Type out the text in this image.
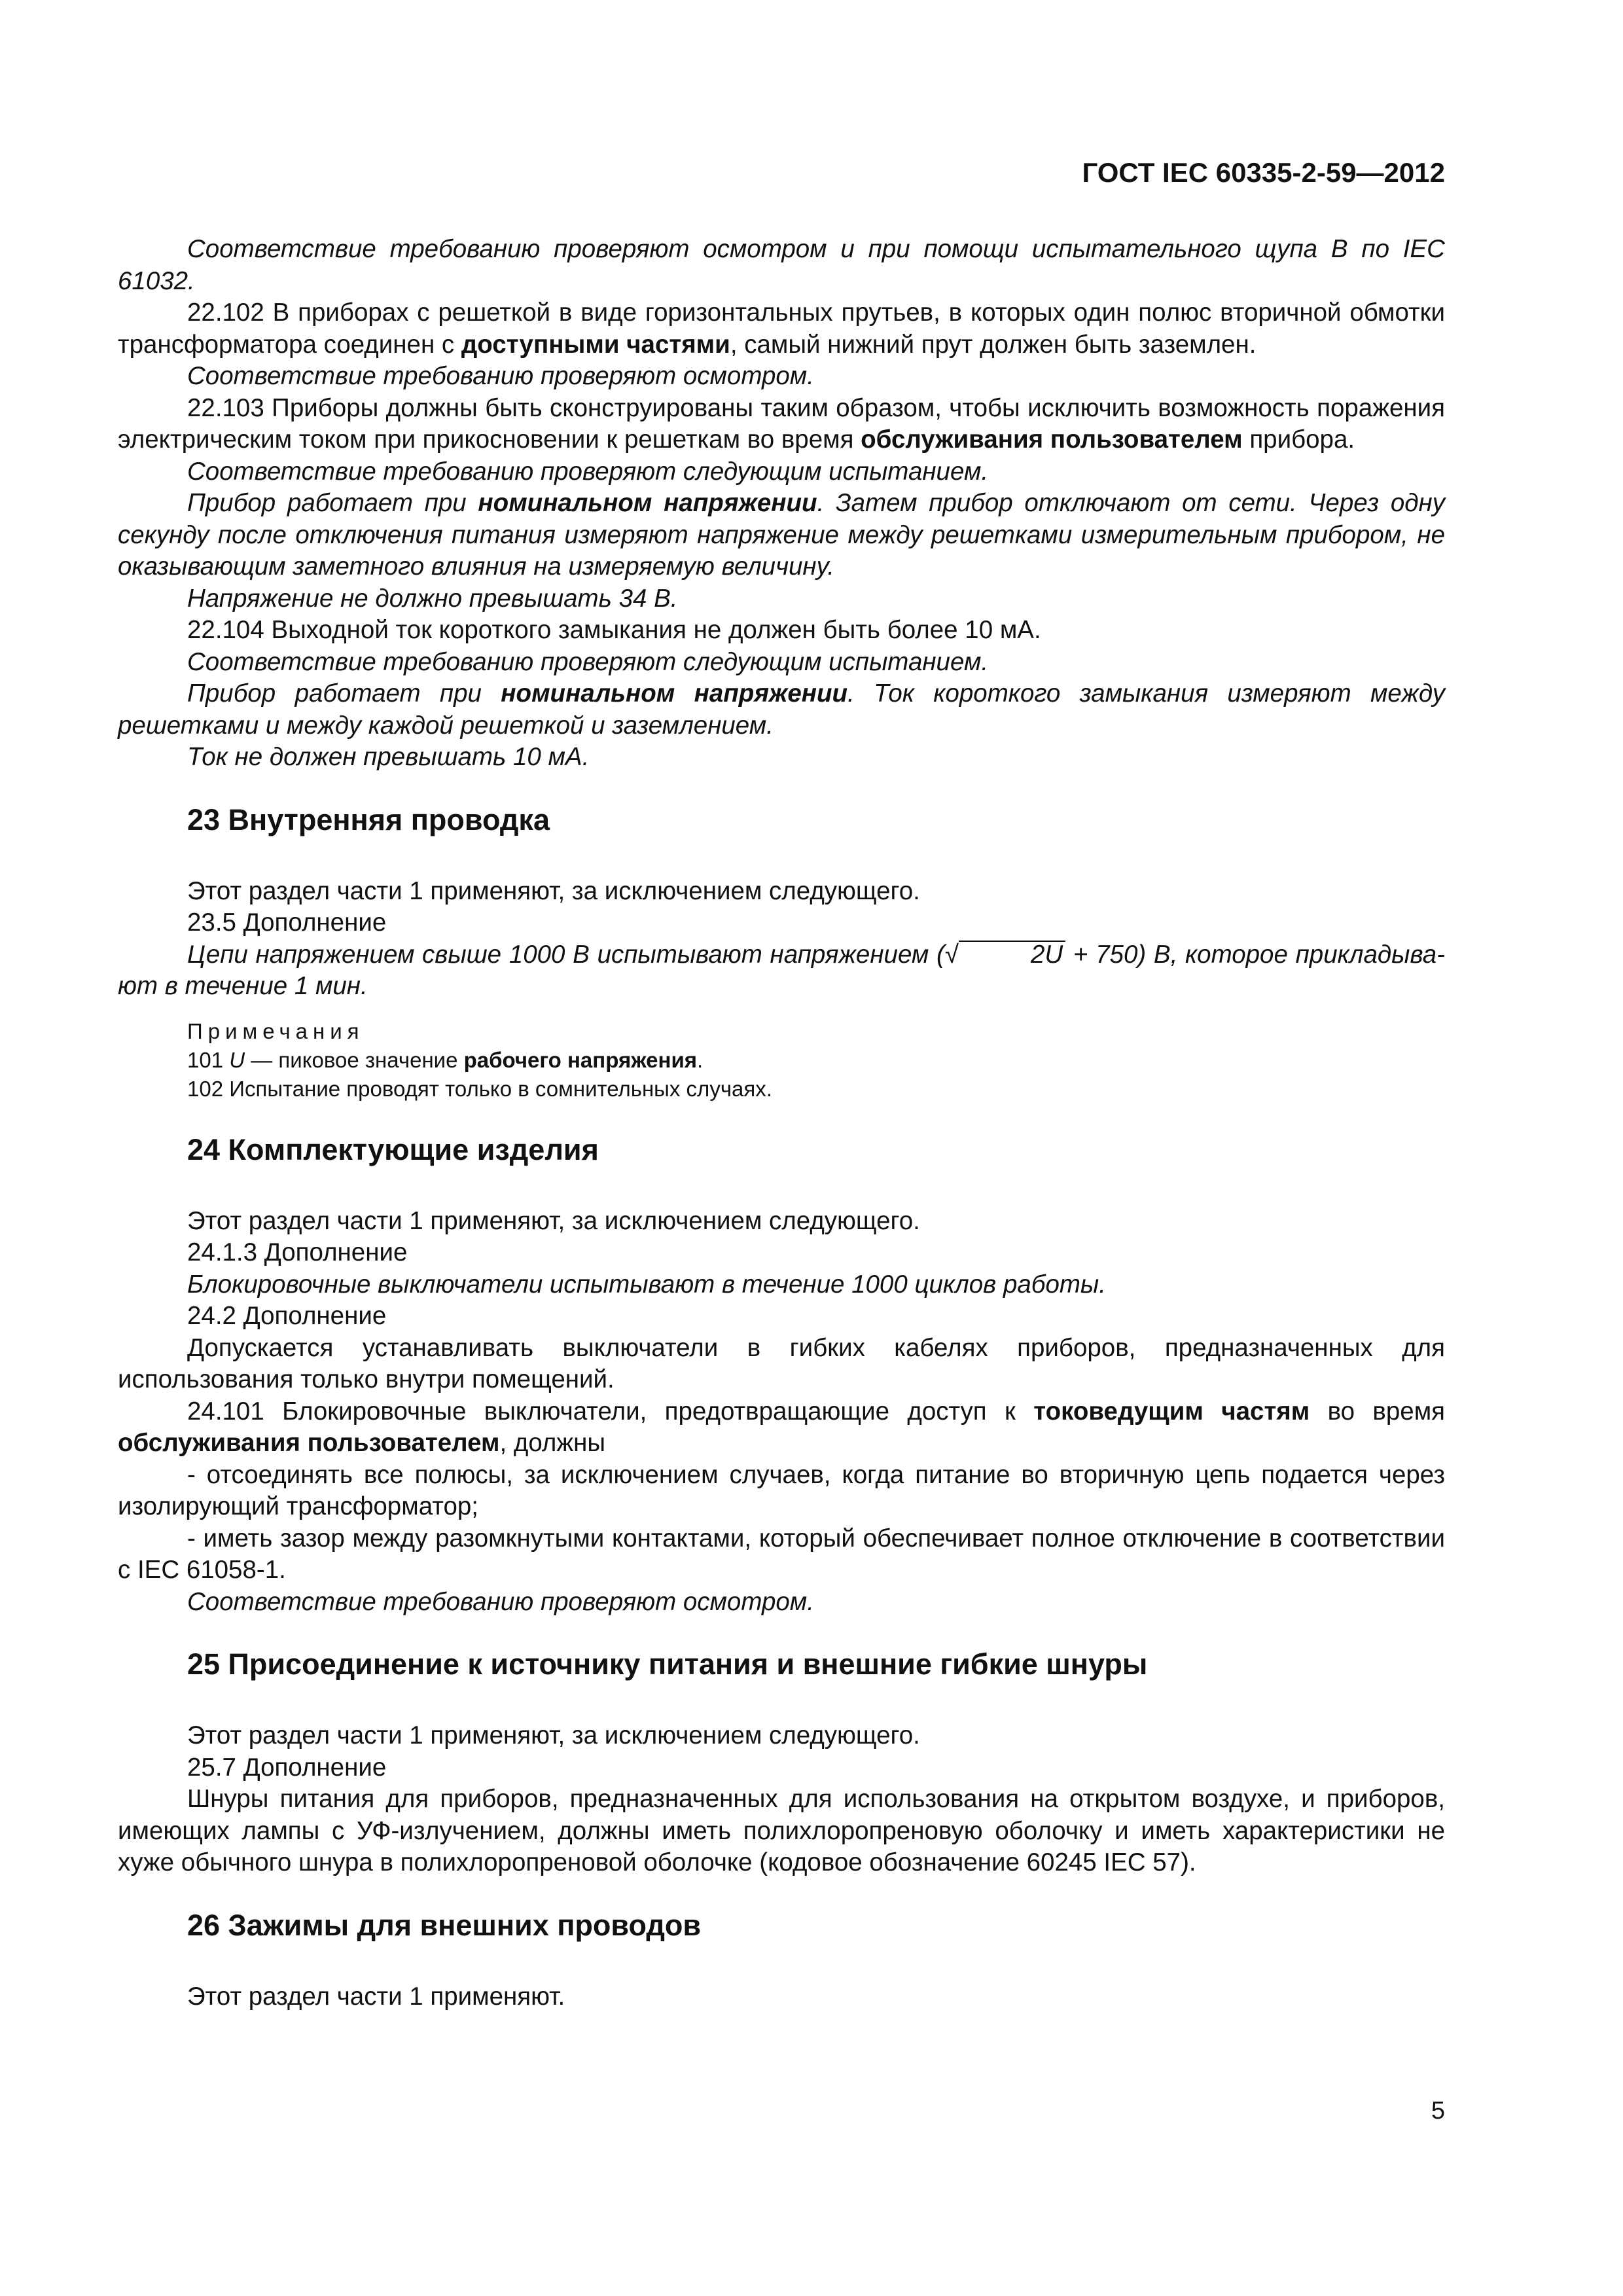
ГОСТ IEC 60335-2-59—2012

Соответствие требованию проверяют осмотром и при помощи испытательного щупа В по IEC 61032.

22.102 В приборах с решеткой в виде горизонтальных прутьев, в которых один полюс вторичной обмотки трансформатора соединен с доступными частями, самый нижний прут должен быть заземлен.

Соответствие требованию проверяют осмотром.

22.103 Приборы должны быть сконструированы таким образом, чтобы исключить возможность поражения электрическим током при прикосновении к решеткам во время обслуживания пользователем прибора.

Соответствие требованию проверяют следующим испытанием.

Прибор работает при номинальном напряжении. Затем прибор отключают от сети. Через одну секунду после отключения питания измеряют напряжение между решетками измерительным прибором, не оказывающим заметного влияния на измеряемую величину.

Напряжение не должно превышать 34 В.

22.104 Выходной ток короткого замыкания не должен быть более 10 мА.

Соответствие требованию проверяют следующим испытанием.

Прибор работает при номинальном напряжении. Ток короткого замыкания измеряют между решетками и между каждой решеткой и заземлением.

Ток не должен превышать 10 мА.

23 Внутренняя проводка

Этот раздел части 1 применяют, за исключением следующего.

23.5 Дополнение

Цепи напряжением свыше 1000 В испытывают напряжением (√	2U + 750) В, которое прикладывают в течение 1 мин.

Примечания

101 U — пиковое значение рабочего напряжения.

102 Испытание проводят только в сомнительных случаях.

24 Комплектующие изделия

Этот раздел части 1 применяют, за исключением следующего.

24.1.3 Дополнение

Блокировочные выключатели испытывают в течение 1000 циклов работы.

24.2 Дополнение

Допускается устанавливать выключатели в гибких кабелях приборов, предназначенных для использования только внутри помещений.

24.101 Блокировочные выключатели, предотвращающие доступ к токоведущим частям во время обслуживания пользователем, должны

- отсоединять все полюсы, за исключением случаев, когда питание во вторичную цепь подается через изолирующий трансформатор;

- иметь зазор между разомкнутыми контактами, который обеспечивает полное отключение в соответствии с IEC 61058-1.

Соответствие требованию проверяют осмотром.

25 Присоединение к источнику питания и внешние гибкие шнуры

Этот раздел части 1 применяют, за исключением следующего.

25.7 Дополнение

Шнуры питания для приборов, предназначенных для использования на открытом воздухе, и приборов, имеющих лампы с УФ-излучением, должны иметь полихлоропреновую оболочку и иметь характеристики не хуже обычного шнура в полихлоропреновой оболочке (кодовое обозначение 60245 IEC 57).

26 Зажимы для внешних проводов

Этот раздел части 1 применяют.

5
